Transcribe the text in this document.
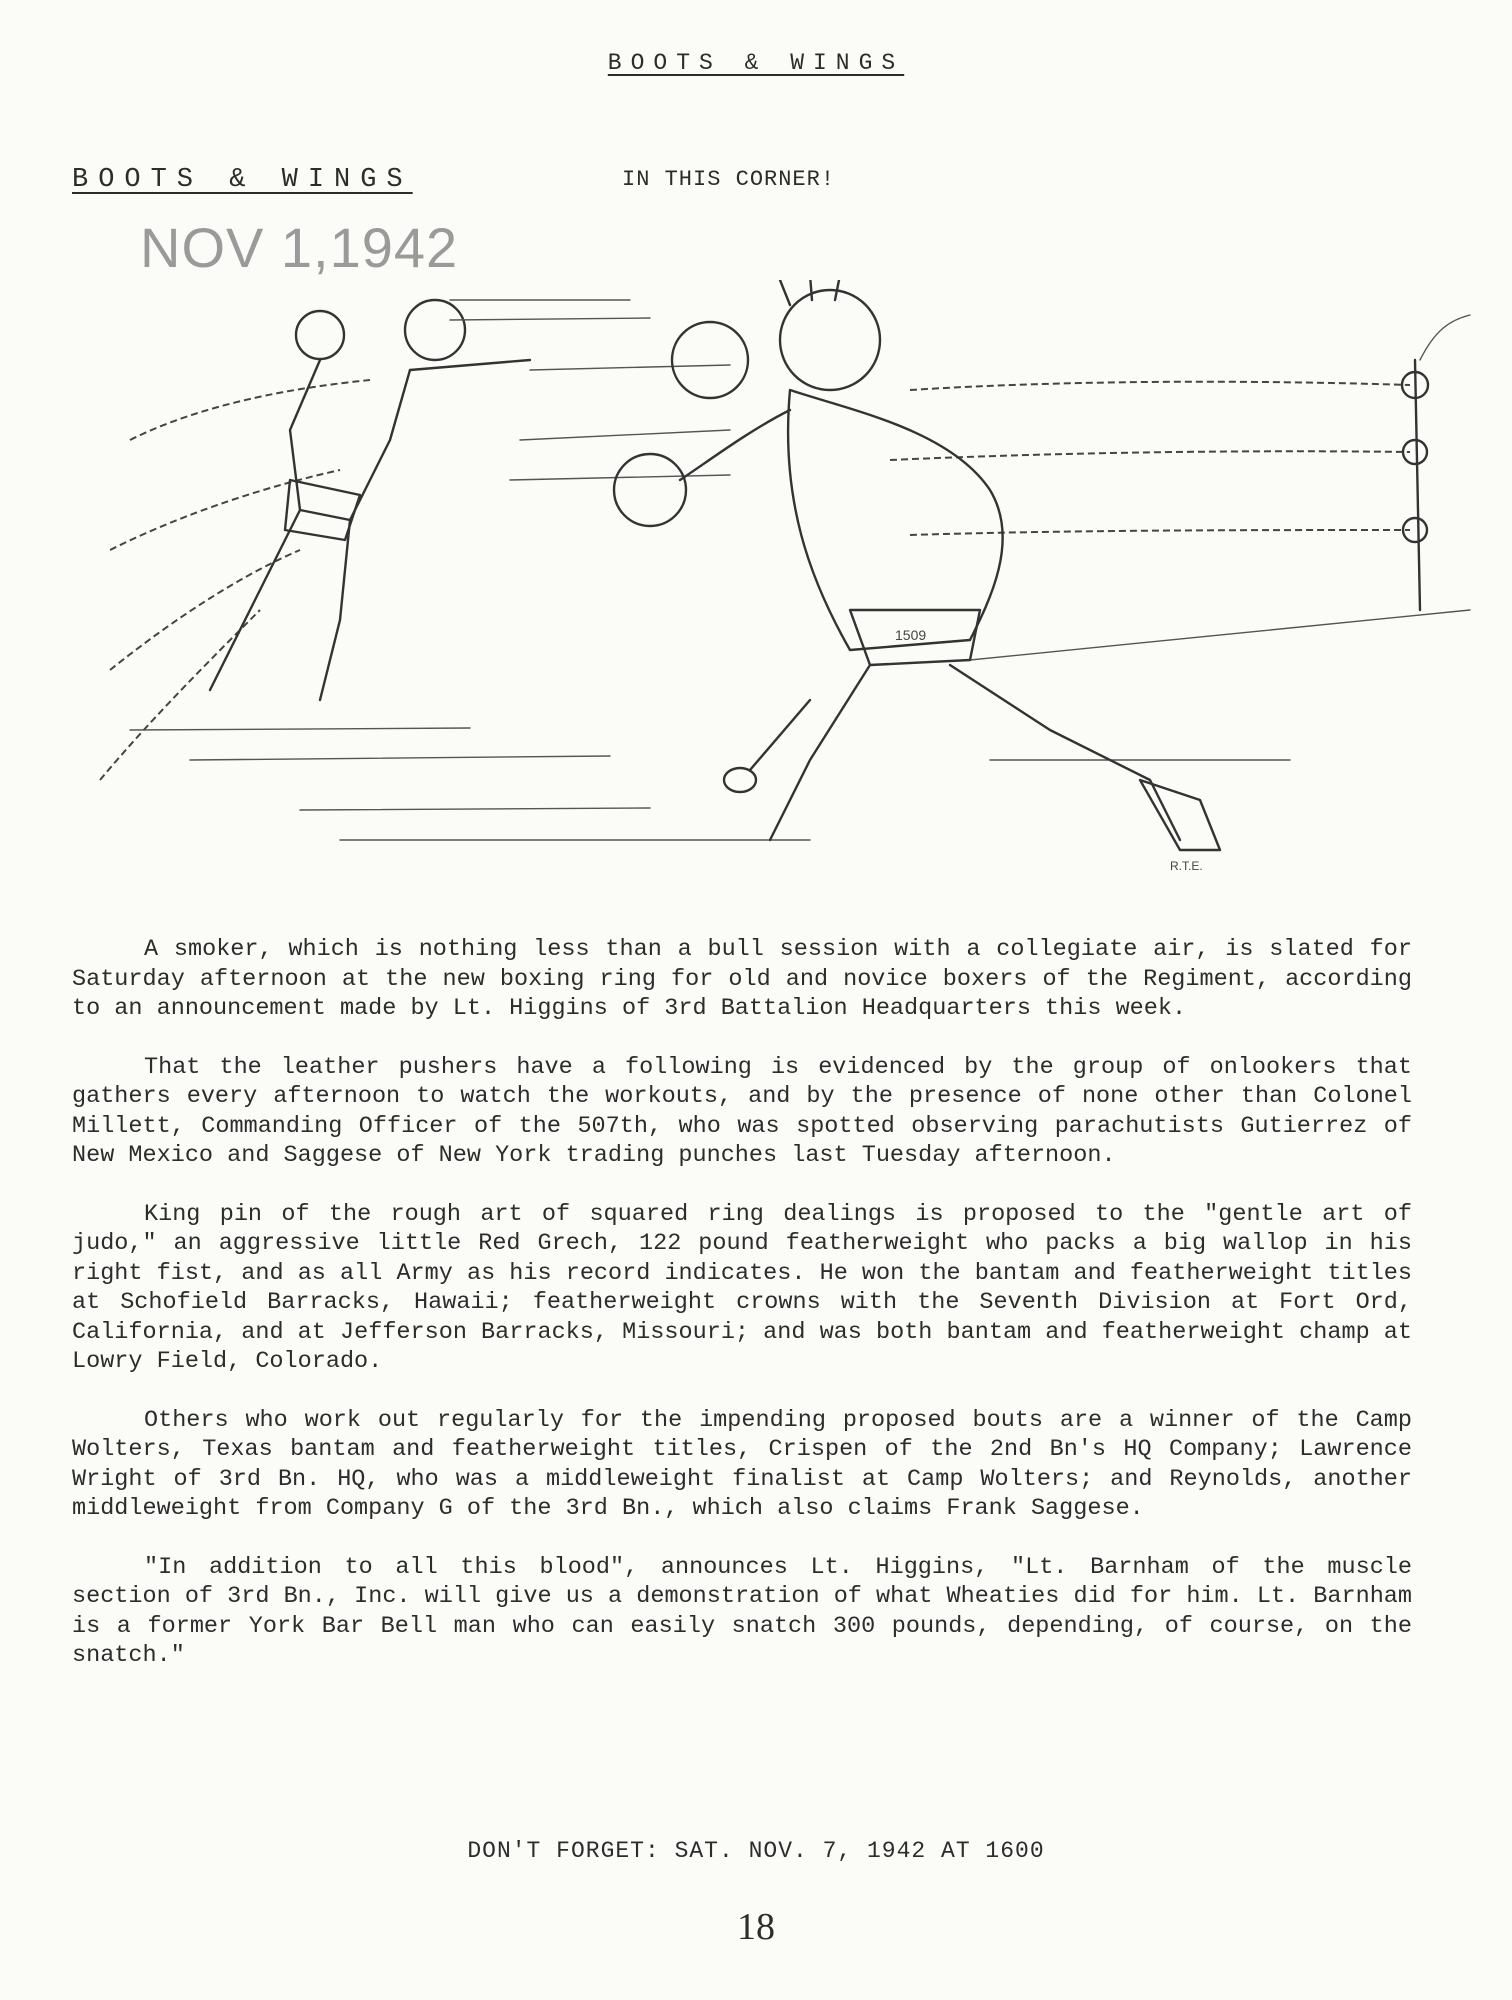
BOOTS & WINGS
BOOTS & WINGS	IN THIS CORNER!
NOV 1,1942
1509
R.T.E.

A smoker, which is nothing less than a bull session with a collegiate air, is slated for Saturday afternoon at the new boxing ring for old and novice boxers of the Regiment, according to an announcement made by Lt. Higgins of 3rd Battalion Headquarters this week.

That the leather pushers have a following is evidenced by the group of onlookers that gathers every afternoon to watch the workouts, and by the presence of none other than Colonel Millett, Commanding Officer of the 507th, who was spotted observing parachutists Gutierrez of New Mexico and Saggese of New York trading punches last Tuesday afternoon.

King pin of the rough art of squared ring dealings is proposed to the "gentle art of judo," an aggressive little Red Grech, 122 pound featherweight who packs a big wallop in his right fist, and as all Army as his record indicates. He won the bantam and featherweight titles at Schofield Barracks, Hawaii; featherweight crowns with the Seventh Division at Fort Ord, California, and at Jefferson Barracks, Missouri; and was both bantam and featherweight champ at Lowry Field, Colorado.

Others who work out regularly for the impending proposed bouts are a winner of the Camp Wolters, Texas bantam and featherweight titles, Crispen of the 2nd Bn's HQ Company; Lawrence Wright of 3rd Bn. HQ, who was a middleweight finalist at Camp Wolters; and Reynolds, another middleweight from Company G of the 3rd Bn., which also claims Frank Saggese.

"In addition to all this blood", announces Lt. Higgins, "Lt. Barnham of the muscle section of 3rd Bn., Inc. will give us a demonstration of what Wheaties did for him. Lt. Barnham is a former York Bar Bell man who can easily snatch 300 pounds, depending, of course, on the snatch."

DON'T FORGET: SAT. NOV. 7, 1942 AT 1600
18
